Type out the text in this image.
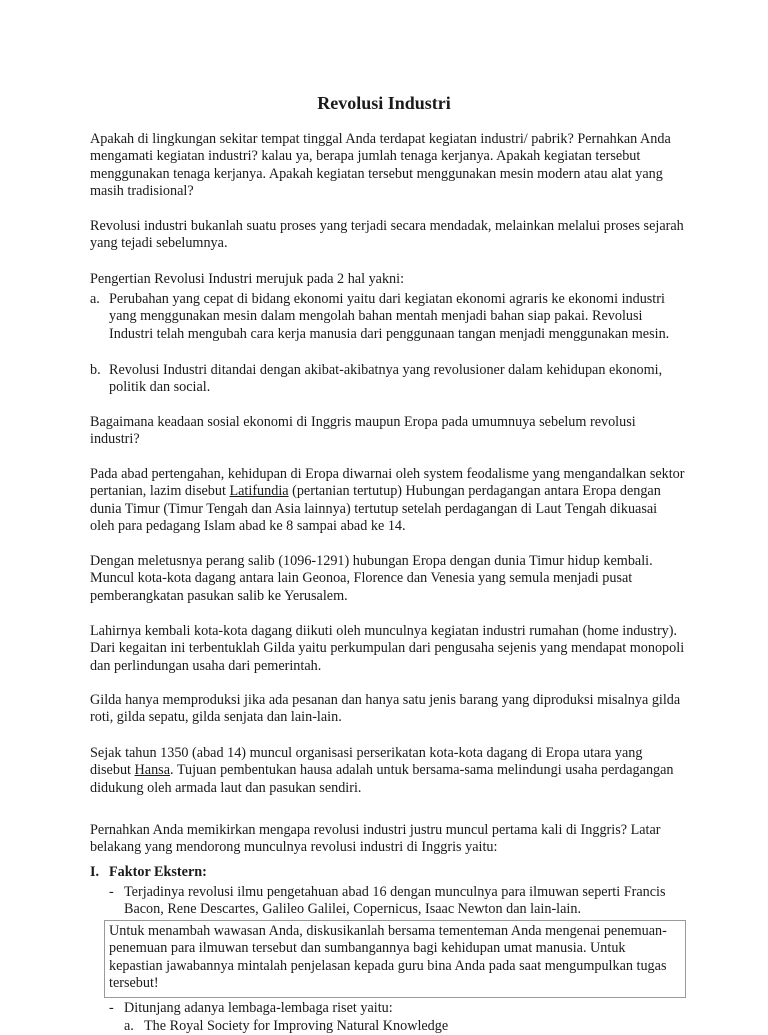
Revolusi Industri

Apakah di lingkungan sekitar tempat tinggal Anda terdapat kegiatan industri/ pabrik? Pernahkan Anda mengamati kegiatan industri? kalau ya, berapa jumlah tenaga kerjanya. Apakah kegiatan tersebut menggunakan tenaga kerjanya. Apakah kegiatan tersebut menggunakan mesin modern atau alat yang masih tradisional?

Revolusi industri bukanlah suatu proses yang terjadi secara mendadak, melainkan melalui proses sejarah yang tejadi sebelumnya.

Pengertian Revolusi Industri merujuk pada 2 hal yakni:

a. Perubahan yang cepat di bidang ekonomi yaitu dari kegiatan ekonomi agraris ke ekonomi industri yang menggunakan mesin dalam mengolah bahan mentah menjadi bahan siap pakai. Revolusi Industri telah mengubah cara kerja manusia dari penggunaan tangan menjadi menggunakan mesin.

b. Revolusi Industri ditandai dengan akibat-akibatnya yang revolusioner dalam kehidupan ekonomi, politik dan social.

Bagaimana keadaan sosial ekonomi di Inggris maupun Eropa pada umumnuya sebelum revolusi industri?

Pada abad pertengahan, kehidupan di Eropa diwarnai oleh system feodalisme yang mengandalkan sektor pertanian, lazim disebut Latifundia (pertanian tertutup) Hubungan perdagangan antara Eropa dengan dunia Timur (Timur Tengah dan Asia lainnya) tertutup setelah perdagangan di Laut Tengah dikuasai oleh para pedagang Islam abad ke 8 sampai abad ke 14.

Dengan meletusnya perang salib (1096-1291) hubungan Eropa dengan dunia Timur hidup kembali. Muncul kota-kota dagang antara lain Geonoa, Florence dan Venesia yang semula menjadi pusat pemberangkatan pasukan salib ke Yerusalem.

Lahirnya kembali kota-kota dagang diikuti oleh munculnya kegiatan industri rumahan (home industry). Dari kegaitan ini terbentuklah Gilda yaitu perkumpulan dari pengusaha sejenis yang mendapat monopoli dan perlindungan usaha dari pemerintah.

Gilda hanya memproduksi jika ada pesanan dan hanya satu jenis barang yang diproduksi misalnya gilda roti, gilda sepatu, gilda senjata dan lain-lain.

Sejak tahun 1350 (abad 14) muncul organisasi perserikatan kota-kota dagang di Eropa utara yang disebut Hansa. Tujuan pembentukan hausa adalah untuk bersama-sama melindungi usaha perdagangan didukung oleh armada laut dan pasukan sendiri.

Pernahkan Anda memikirkan mengapa revolusi industri justru muncul pertama kali di Inggris? Latar belakang yang mendorong munculnya revolusi industri di Inggris yaitu:

I. Faktor Ekstern:
- Terjadinya revolusi ilmu pengetahuan abad 16 dengan munculnya para ilmuwan seperti Francis Bacon, Rene Descartes, Galileo Galilei, Copernicus, Isaac Newton dan lain-lain.
Untuk menambah wawasan Anda, diskusikanlah bersama tementeman Anda mengenai penemuan-penemuan para ilmuwan tersebut dan sumbangannya bagi kehidupan umat manusia. Untuk kepastian jawabannya mintalah penjelasan kepada guru bina Anda pada saat mengumpulkan tugas tersebut!
- Ditunjang adanya lembaga-lembaga riset yaitu:
a. The Royal Society for Improving Natural Knowledge
